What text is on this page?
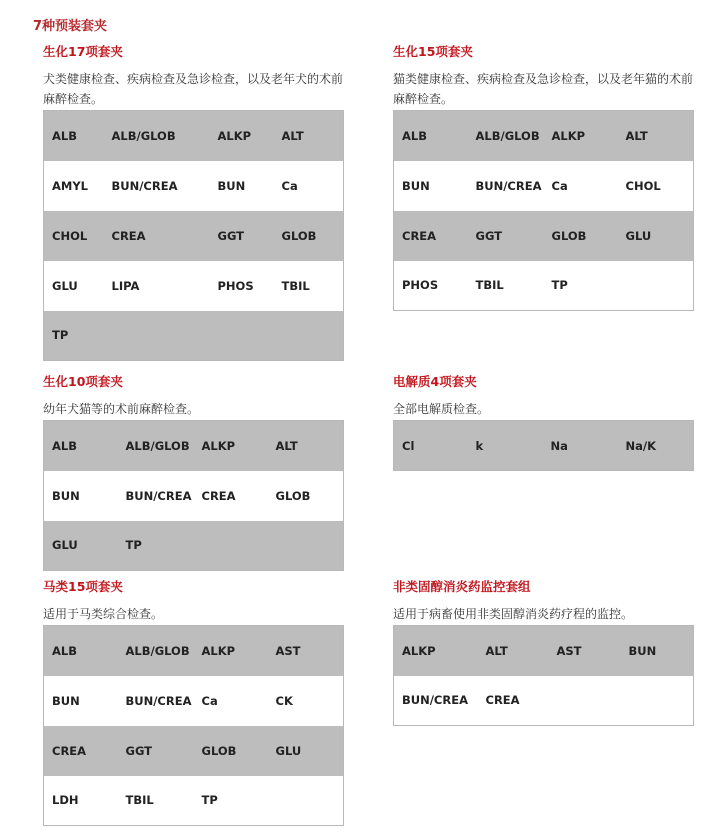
7种预装套夹
生化17项套夹
犬类健康检查、疾病检查及急诊检查，以及老年犬的术前麻醉检查。
ALB	ALB/GLOB	ALKP	ALT
AMYL	BUN/CREA	BUN	Ca
CHOL	CREA	GGT	GLOB
GLU	LIPA	PHOS	TBIL
TP			
生化15项套夹
猫类健康检查、疾病检查及急诊检查，以及老年猫的术前麻醉检查。
ALB	ALB/GLOB	ALKP	ALT
BUN	BUN/CREA	Ca	CHOL
CREA	GGT	GLOB	GLU
PHOS	TBIL	TP	
生化10项套夹
幼年犬猫等的术前麻醉检查。
ALB	ALB/GLOB	ALKP	ALT
BUN	BUN/CREA	CREA	GLOB
GLU	TP		
电解质4项套夹
全部电解质检查。
Cl	k	Na	Na/K
马类15项套夹
适用于马类综合检查。
ALB	ALB/GLOB	ALKP	AST
BUN	BUN/CREA	Ca	CK
CREA	GGT	GLOB	GLU
LDH	TBIL	TP	
非类固醇消炎药监控套组
适用于病畜使用非类固醇消炎药疗程的监控。
ALKP	ALT	AST	BUN
BUN/CREA	CREA		
